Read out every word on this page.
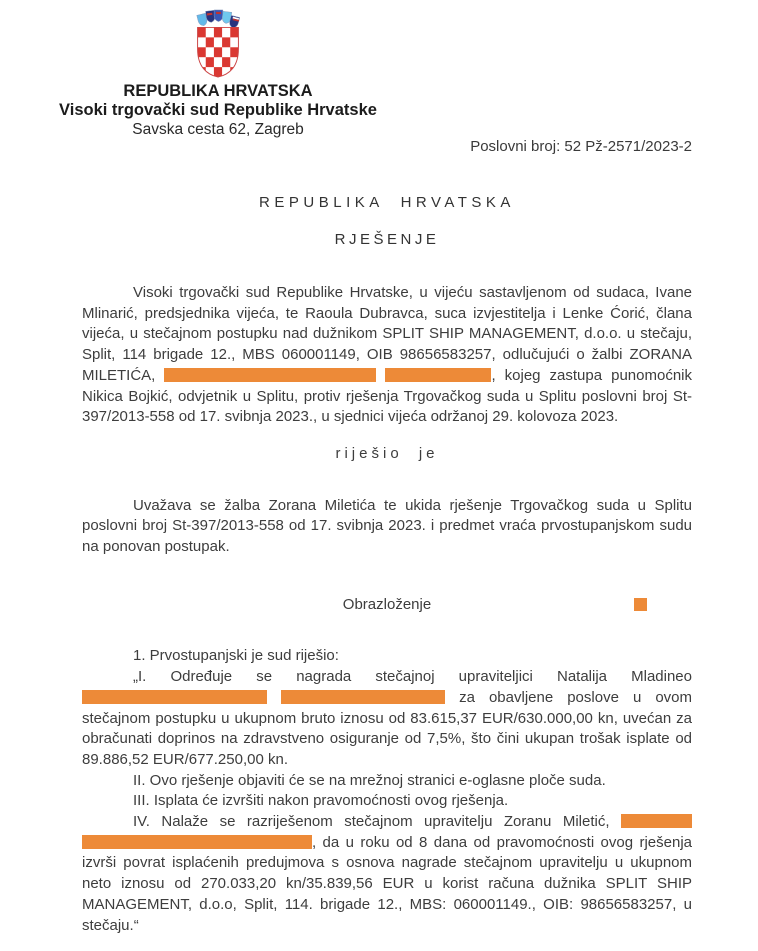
REPUBLIKA HRVATSKA
Visoki trgovački sud Republike Hrvatske
Savska cesta 62, Zagreb
Poslovni broj: 52 Pž-2571/2023-2
REPUBLIKA HRVATSKA
RJEŠENJE

Visoki trgovački sud Republike Hrvatske, u vijeću sastavljenom od sudaca, Ivane Mlinarić, predsjednika vijeća, te Raoula Dubravca, suca izvjestitelja i Lenke Ćorić, člana vijeća, u stečajnom postupku nad dužnikom SPLIT SHIP MANAGEMENT, d.o.o. u stečaju, Split, 114 brigade 12., MBS 060001149, OIB 98656583257, odlučujući o žalbi ZORANA MILETIĆA,	, kojeg zastupa punomoćnik Nikica Bojkić, odvjetnik u Splitu, protiv rješenja Trgovačkog suda u Splitu poslovni broj St-397/2013-558 od 17. svibnja 2023., u sjednici vijeća održanoj 29. kolovoza 2023.

riješio je

Uvažava se žalba Zorana Miletića te ukida rješenje Trgovačkog suda u Splitu poslovni broj St-397/2013-558 od 17. svibnja 2023. i predmet vraća prvostupanjskom sudu na ponovan postupak.

Obrazloženje

1. Prvostupanjski je sud riješio:

„I. Određuje se nagrada stečajnoj upraviteljici Natalija Mladineo   za obavljene poslove u ovom stečajnom postupku u ukupnom bruto iznosu od 83.615,37 EUR/630.000,00 kn, uvećan za obračunati doprinos na zdravstveno osiguranje od 7,5%, što čini ukupan trošak isplate od 89.886,52 EUR/677.250,00 kn.

II. Ovo rješenje objaviti će se na mrežnoj stranici e-oglasne ploče suda.

III. Isplata će izvršiti nakon pravomoćnosti ovog rješenja.

IV. Nalaže se razriješenom stečajnom upravitelju Zoranu Miletić,  , da u roku od 8 dana od pravomoćnosti ovog rješenja izvrši povrat isplaćenih predujmova s osnova nagrade stečajnom upravitelju u ukupnom neto iznosu od 270.033,20 kn/35.839,56 EUR u korist računa dužnika SPLIT SHIP MANAGEMENT, d.o.o, Split, 114. brigade 12., MBS: 060001149., OIB: 98656583257, u stečaju.“
